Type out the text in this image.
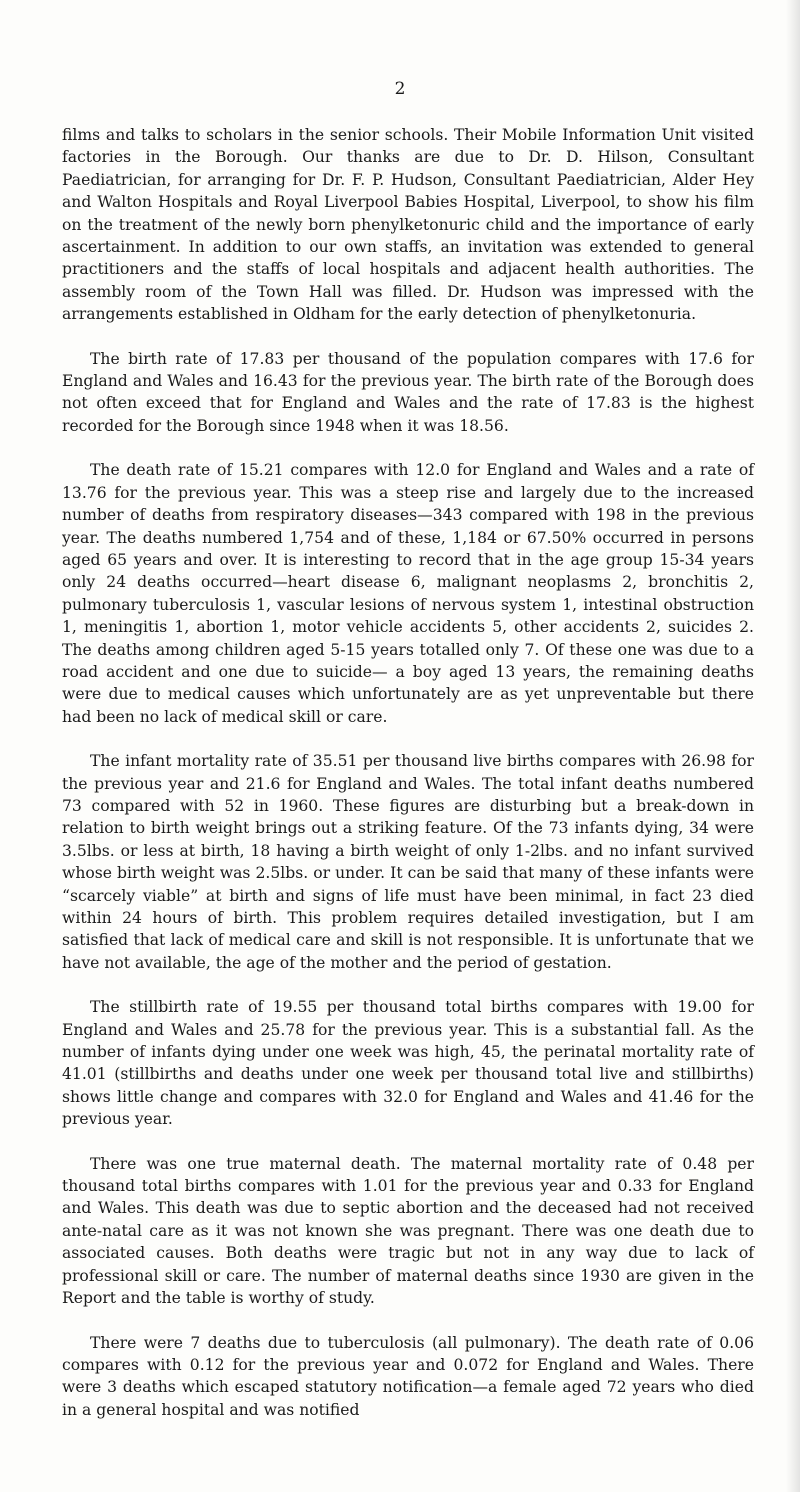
2

films and talks to scholars in the senior schools. Their Mobile Information Unit visited factories in the Borough. Our thanks are due to Dr. D. Hilson, Consultant Paediatrician, for arranging for Dr. F. P. Hudson, Consultant Paediatrician, Alder Hey and Walton Hospitals and Royal Liverpool Babies Hospital, Liverpool, to show his film on the treatment of the newly born phenylketonuric child and the importance of early ascertainment. In addition to our own staffs, an invitation was extended to general practitioners and the staffs of local hospitals and adjacent health authorities. The assembly room of the Town Hall was filled. Dr. Hudson was impressed with the arrangements established in Oldham for the early detection of phenylketonuria.

The birth rate of 17.83 per thousand of the population compares with 17.6 for England and Wales and 16.43 for the previous year. The birth rate of the Borough does not often exceed that for England and Wales and the rate of 17.83 is the highest recorded for the Borough since 1948 when it was 18.56.

The death rate of 15.21 compares with 12.0 for England and Wales and a rate of 13.76 for the previous year. This was a steep rise and largely due to the increased number of deaths from respiratory diseases—343 compared with 198 in the previous year. The deaths numbered 1,754 and of these, 1,184 or 67.50% occurred in persons aged 65 years and over. It is interesting to record that in the age group 15-34 years only 24 deaths occurred—heart disease 6, malignant neoplasms 2, bronchitis 2, pulmonary tuberculosis 1, vascular lesions of nervous system 1, intestinal obstruction 1, meningitis 1, abortion 1, motor vehicle accidents 5, other accidents 2, suicides 2. The deaths among children aged 5-15 years totalled only 7. Of these one was due to a road accident and one due to suicide— a boy aged 13 years, the remaining deaths were due to medical causes which unfortunately are as yet unpreventable but there had been no lack of medical skill or care.

The infant mortality rate of 35.51 per thousand live births compares with 26.98 for the previous year and 21.6 for England and Wales. The total infant deaths numbered 73 compared with 52 in 1960. These figures are disturbing but a break-down in relation to birth weight brings out a striking feature. Of the 73 infants dying, 34 were 3.5lbs. or less at birth, 18 having a birth weight of only 1-2lbs. and no infant survived whose birth weight was 2.5lbs. or under. It can be said that many of these infants were “scarcely viable” at birth and signs of life must have been minimal, in fact 23 died within 24 hours of birth. This problem requires detailed investigation, but I am satisfied that lack of medical care and skill is not responsible. It is unfortunate that we have not available, the age of the mother and the period of gestation.

The stillbirth rate of 19.55 per thousand total births compares with 19.00 for England and Wales and 25.78 for the previous year. This is a substantial fall. As the number of infants dying under one week was high, 45, the perinatal mortality rate of 41.01 (stillbirths and deaths under one week per thousand total live and stillbirths) shows little change and compares with 32.0 for England and Wales and 41.46 for the previous year.

There was one true maternal death. The maternal mortality rate of 0.48 per thousand total births compares with 1.01 for the previous year and 0.33 for England and Wales. This death was due to septic abortion and the deceased had not received ante-natal care as it was not known she was pregnant. There was one death due to associated causes. Both deaths were tragic but not in any way due to lack of professional skill or care. The number of maternal deaths since 1930 are given in the Report and the table is worthy of study.

There were 7 deaths due to tuberculosis (all pulmonary). The death rate of 0.06 compares with 0.12 for the previous year and 0.072 for England and Wales. There were 3 deaths which escaped statutory notification—a female aged 72 years who died in a general hospital and was notified
